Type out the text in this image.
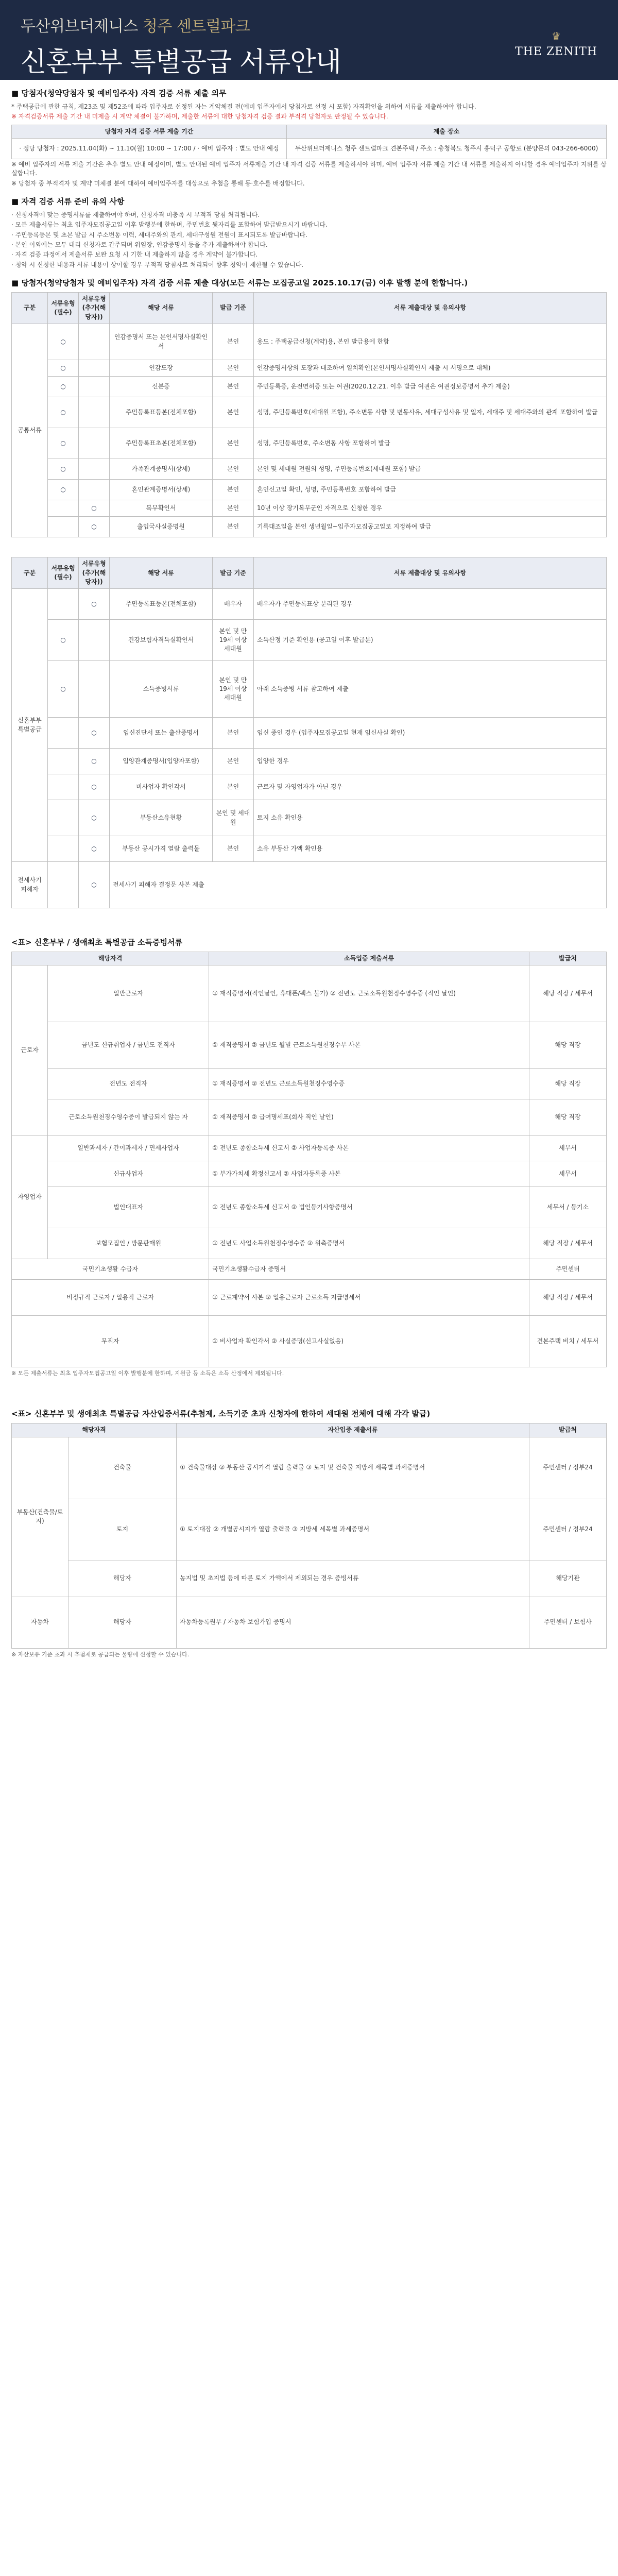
두산위브더제니스 청주 센트럴파크
신혼부부 특별공급 서류안내
♛
THE ZENITH
■ 당첨자(청약당첨자 및 예비입주자) 자격 검증 서류 제출 의무
* 주택공급에 관한 규칙, 제23조 및 제52조에 따라 입주자로 선정된 자는 계약체결 전(예비 입주자에서 당첨자로 선정 시 포함) 자격확인을 위하여 서류를 제출하여야 합니다.
※ 자격검증서류 제출 기간 내 미제출 시 계약 체결이 불가하며, 제출한 서류에 대한 당첨자격 검증 결과 부적격 당첨자로 판정될 수 있습니다.
당첨자 자격 검증 서류 제출 기간	제출 장소
· 정당 당첨자 : 2025.11.04(화) ~ 11.10(월) 10:00 ~ 17:00 / · 예비 입주자 : 별도 안내 예정	두산위브더제니스 청주 센트럴파크 견본주택 / 주소 : 충청북도 청주시 흥덕구 공항로 (분양문의 043-266-6000)
※ 예비 입주자의 서류 제출 기간은 추후 별도 안내 예정이며, 별도 안내된 예비 입주자 서류제출 기간 내 자격 검증 서류를 제출하셔야 하며, 예비 입주자 서류 제출 기간 내 서류를 제출하지 아니할 경우 예비입주자 지위를 상실합니다.
※ 당첨자 중 부적격자 및 계약 미체결 분에 대하여 예비입주자를 대상으로 추첨을 통해 동·호수를 배정합니다.
■ 자격 검증 서류 준비 유의 사항
· 신청자격에 맞는 증명서류를 제출하여야 하며, 신청자격 미충족 시 부적격 당첨 처리됩니다.
· 모든 제출서류는 최초 입주자모집공고일 이후 발행분에 한하며, 주민번호 뒷자리를 포함하여 발급받으시기 바랍니다.
· 주민등록등본 및 초본 발급 시 주소변동 이력, 세대주와의 관계, 세대구성원 전원이 표시되도록 발급바랍니다.
· 본인 이외에는 모두 대리 신청자로 간주되며 위임장, 인감증명서 등을 추가 제출하셔야 합니다.
· 자격 검증 과정에서 제출서류 보완 요청 시 기한 내 제출하지 않을 경우 계약이 불가합니다.
· 청약 시 신청한 내용과 서류 내용이 상이할 경우 부적격 당첨자로 처리되어 향후 청약이 제한될 수 있습니다.
■ 당첨자(청약당첨자 및 예비입주자) 자격 검증 서류 제출 대상(모든 서류는 모집공고일 2025.10.17(금) 이후 발행 분에 한합니다.)
구분	서류유형(필수)	서류유형(추가(해당자))	해당 서류	발급 기준	서류 제출대상 및 유의사항
공통서류	○		인감증명서 또는 본인서명사실확인서	본인	용도 : 주택공급신청(계약)용, 본인 발급용에 한함
	○		인감도장	본인	인감증명서상의 도장과 대조하여 일치확인(본인서명사실확인서 제출 시 서명으로 대체)
	○		신분증	본인	주민등록증, 운전면허증 또는 여권(2020.12.21. 이후 발급 여권은 여권정보증명서 추가 제출)
	○		주민등록표등본(전체포함)	본인	성명, 주민등록번호(세대원 포함), 주소변동 사항 및 변동사유, 세대구성사유 및 일자, 세대주 및 세대주와의 관계 포함하여 발급
	○		주민등록표초본(전체포함)	본인	성명, 주민등록번호, 주소변동 사항 포함하여 발급
	○		가족관계증명서(상세)	본인	본인 및 세대원 전원의 성명, 주민등록번호(세대원 포함) 발급
	○		혼인관계증명서(상세)	본인	혼인신고일 확인, 성명, 주민등록번호 포함하여 발급
		○	복무확인서	본인	10년 이상 장기복무군인 자격으로 신청한 경우
		○	출입국사실증명원	본인	기록대조일을 본인 생년월일~입주자모집공고일로 지정하여 발급
구분	서류유형(필수)	서류유형(추가(해당자))	해당 서류	발급 기준	서류 제출대상 및 유의사항
신혼부부 특별공급		○	주민등록표등본(전체포함)	배우자	배우자가 주민등록표상 분리된 경우
	○		건강보험자격득실확인서	본인 및 만19세 이상 세대원	소득산정 기준 확인용 (공고일 이후 발급분)
	○		소득증빙서류	본인 및 만19세 이상 세대원	아래 소득증빙 서류 참고하여 제출
		○	임신진단서 또는 출산증명서	본인	임신 중인 경우 (입주자모집공고일 현재 임신사실 확인)
		○	입양관계증명서(입양자포함)	본인	입양한 경우
		○	비사업자 확인각서	본인	근로자 및 자영업자가 아닌 경우
		○	부동산소유현황	본인 및 세대원	토지 소유 확인용
		○	부동산 공시가격 열람 출력물	본인	소유 부동산 가액 확인용
전세사기 피해자		○	전세사기 피해자 결정문 사본 제출		
<표> 신혼부부 / 생애최초 특별공급 소득증빙서류
해당자격		소득입증 제출서류	발급처
근로자	일반근로자	① 재직증명서(직인날인, 휴대폰/팩스 불가) ② 전년도 근로소득원천징수영수증 (직인 날인)	해당 직장 / 세무서
	금년도 신규취업자 / 금년도 전직자	① 재직증명서 ② 금년도 월별 근로소득원천징수부 사본	해당 직장
	전년도 전직자	① 재직증명서 ② 전년도 근로소득원천징수영수증	해당 직장
	근로소득원천징수영수증이 발급되지 않는 자	① 재직증명서 ② 급여명세표(회사 직인 날인)	해당 직장
자영업자	일반과세자 / 간이과세자 / 면세사업자	① 전년도 종합소득세 신고서 ② 사업자등록증 사본	세무서
	신규사업자	① 부가가치세 확정신고서 ② 사업자등록증 사본	세무서
	법인대표자	① 전년도 종합소득세 신고서 ② 법인등기사항증명서	세무서 / 등기소
	보험모집인 / 방문판매원	① 전년도 사업소득원천징수영수증 ② 위촉증명서	해당 직장 / 세무서
국민기초생활 수급자		국민기초생활수급자 증명서	주민센터
비정규직 근로자 / 일용직 근로자		① 근로계약서 사본 ② 일용근로자 근로소득 지급명세서	해당 직장 / 세무서
무직자		① 비사업자 확인각서 ② 사실증명(신고사실없음)	견본주택 비치 / 세무서
※ 모든 제출서류는 최초 입주자모집공고일 이후 발행분에 한하며, 지원금 등 소득은 소득 산정에서 제외됩니다.
<표> 신혼부부 및 생애최초 특별공급 자산입증서류(추첨제, 소득기준 초과 신청자에 한하여 세대원 전체에 대해 각각 발급)
해당자격		자산입증 제출서류	발급처
부동산(건축물/토지)	건축물	① 건축물대장 ② 부동산 공시가격 열람 출력물 ③ 토지 및 건축물 지방세 세목별 과세증명서	주민센터 / 정부24
	토지	① 토지대장 ② 개별공시지가 열람 출력물 ③ 지방세 세목별 과세증명서	주민센터 / 정부24
	해당자	농지법 및 초지법 등에 따른 토지 가액에서 제외되는 경우 증빙서류	해당기관
자동차	해당자	자동차등록원부 / 자동차 보험가입 증명서	주민센터 / 보험사
※ 자산보유 기준 초과 시 추첨제로 공급되는 물량에 신청할 수 있습니다.
